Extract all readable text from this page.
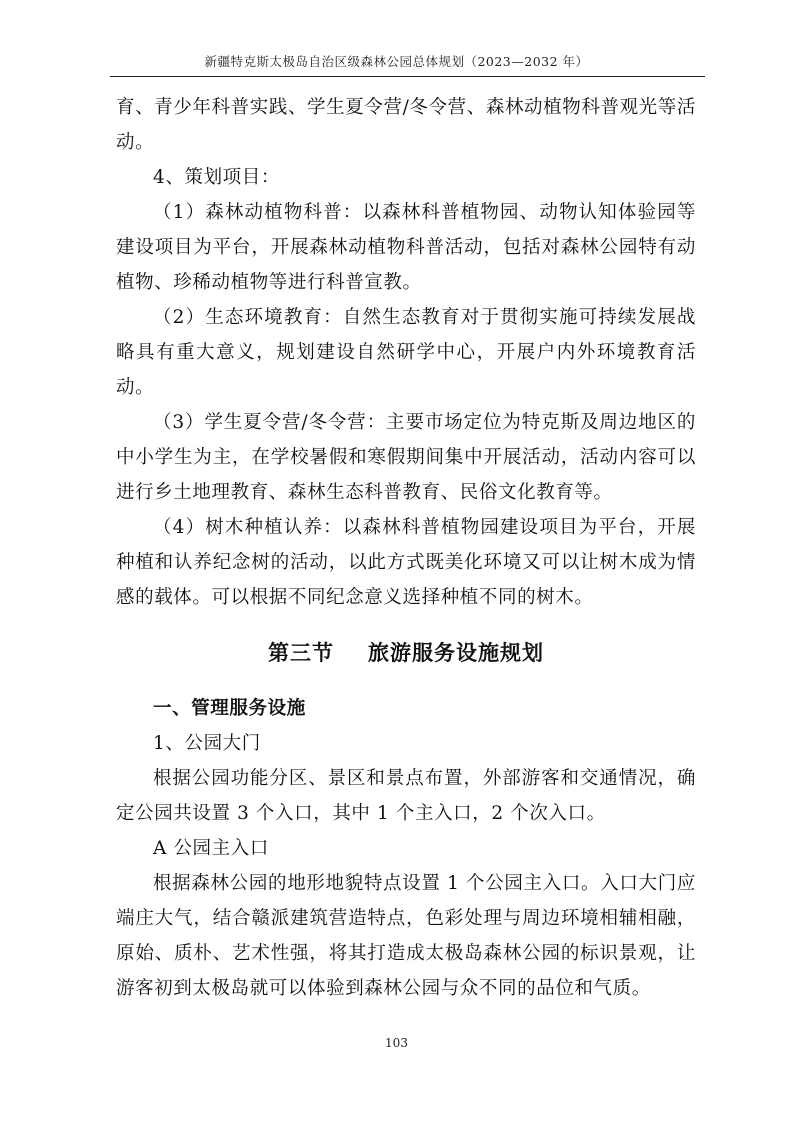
新疆特克斯太极岛自治区级森林公园总体规划（2023—2032 年）

育、青少年科普实践、学生夏令营/冬令营、森林动植物科普观光等活动。

4、策划项目：

（1）森林动植物科普：以森林科普植物园、动物认知体验园等建设项目为平台，开展森林动植物科普活动，包括对森林公园特有动植物、珍稀动植物等进行科普宣教。

（2）生态环境教育：自然生态教育对于贯彻实施可持续发展战略具有重大意义，规划建设自然研学中心，开展户内外环境教育活动。

（3）学生夏令营/冬令营：主要市场定位为特克斯及周边地区的中小学生为主，在学校暑假和寒假期间集中开展活动，活动内容可以进行乡土地理教育、森林生态科普教育、民俗文化教育等。

（4）树木种植认养：以森林科普植物园建设项目为平台，开展种植和认养纪念树的活动，以此方式既美化环境又可以让树木成为情感的载体。可以根据不同纪念意义选择种植不同的树木。

第三节 旅游服务设施规划
一、管理服务设施

1、公园大门

根据公园功能分区、景区和景点布置，外部游客和交通情况，确定公园共设置 3 个入口，其中 1 个主入口，2 个次入口。

A 公园主入口

根据森林公园的地形地貌特点设置 1 个公园主入口。入口大门应端庄大气，结合赣派建筑营造特点，色彩处理与周边环境相辅相融，原始、质朴、艺术性强，将其打造成太极岛森林公园的标识景观，让游客初到太极岛就可以体验到森林公园与众不同的品位和气质。

103
